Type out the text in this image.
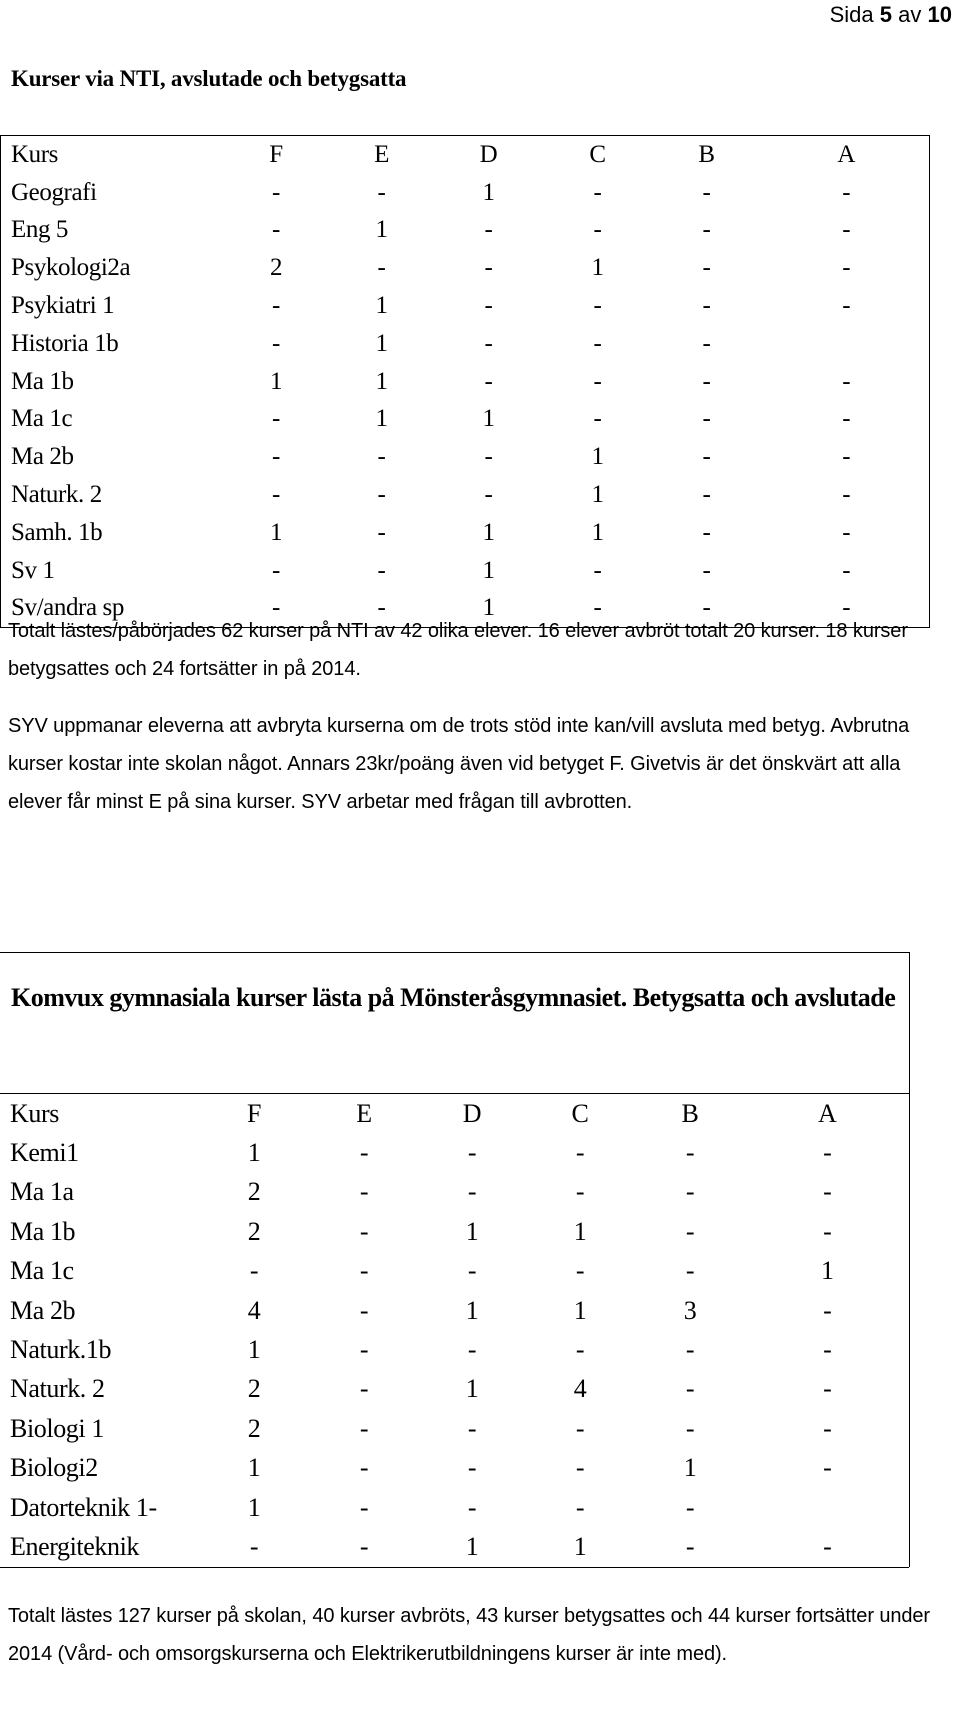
Sida 5 av 10
Kurser via NTI, avslutade och betygsatta
Kurs	F	E	D	C	B	A
Geografi	-	-	1	-	-	-
Eng 5	-	1	-	-	-	-
Psykologi2a	2	-	-	1	-	-
Psykiatri 1	-	1	-	-	-	-
Historia 1b	-	1	-	-	-	
Ma 1b	1	1	-	-	-	-
Ma 1c	-	1	1	-	-	-
Ma 2b	-	-	-	1	-	-
Naturk. 2	-	-	-	1	-	-
Samh. 1b	1	-	1	1	-	-
Sv 1	-	-	1	-	-	-
Sv/andra sp	-	-	1	-	-	-
Totalt lästes/påbörjades 62 kurser på NTI av 42 olika elever. 16 elever avbröt totalt 20 kurser. 18 kurser betygsattes och 24 fortsätter in på 2014.
SYV uppmanar eleverna att avbryta kurserna om de trots stöd inte kan/vill avsluta med betyg. Avbrutna kurser kostar inte skolan något. Annars 23kr/poäng även vid betyget F. Givetvis är det önskvärt att alla elever får minst E på sina kurser. SYV arbetar med frågan till avbrotten.
Komvux gymnasiala kurser lästa på Mönsteråsgymnasiet. Betygsatta och avslutade
Kurs	F	E	D	C	B	A
Kemi1	1	-	-	-	-	-
Ma 1a	2	-	-	-	-	-
Ma 1b	2	-	1	1	-	-
Ma 1c	-	-	-	-	-	1
Ma 2b	4	-	1	1	3	-
Naturk.1b	1	-	-	-	-	-
Naturk. 2	2	-	1	4	-	-
Biologi 1	2	-	-	-	-	-
Biologi2	1	-	-	-	1	-
Datorteknik 1-	1	-	-	-	-	
Energiteknik	-	-	1	1	-	-
Totalt lästes 127 kurser på skolan, 40 kurser avbröts, 43 kurser betygsattes och 44 kurser fortsätter under 2014 (Vård- och omsorgskurserna och Elektrikerutbildningens kurser är inte med).
